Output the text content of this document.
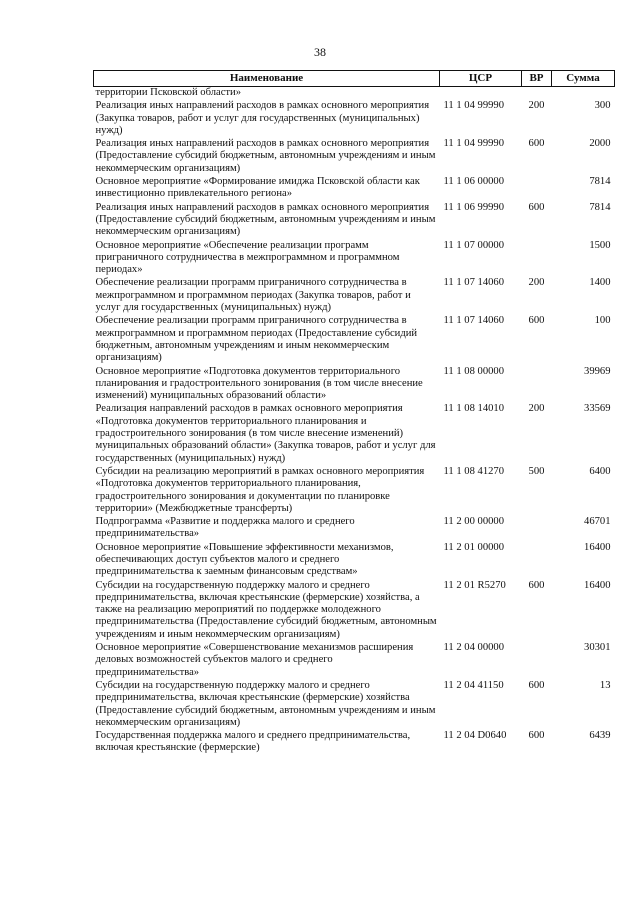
38
Наименование	ЦСР	ВР	Сумма
территории Псковской области»			
Реализация иных направлений расходов в рамках основного мероприятия (Закупка товаров, работ и услуг для государственных (муниципальных) нужд)	11 1 04 99990	200	300
Реализация иных направлений расходов в рамках основного мероприятия (Предоставление субсидий бюджетным, автономным учреждениям и иным некоммерческим организациям)	11 1 04 99990	600	2000
Основное мероприятие «Формирование имиджа Псковской области как инвестиционно привлекательного региона»	11 1 06 00000		7814
Реализация иных направлений расходов в рамках основного мероприятия (Предоставление субсидий бюджетным, автономным учреждениям и иным некоммерческим организациям)	11 1 06 99990	600	7814
Основное мероприятие «Обеспечение реализации программ приграничного сотрудничества в межпрограммном и программном периодах»	11 1 07 00000		1500
Обеспечение реализации программ приграничного сотрудничества в межпрограммном и программном периодах (Закупка товаров, работ и услуг для государственных (муниципальных) нужд)	11 1 07 14060	200	1400
Обеспечение реализации программ приграничного сотрудничества в межпрограммном и программном периодах (Предоставление субсидий бюджетным, автономным учреждениям и иным некоммерческим организациям)	11 1 07 14060	600	100
Основное мероприятие «Подготовка документов территориального планирования и градостроительного зонирования (в том числе внесение изменений) муниципальных образований области»	11 1 08 00000		39969
Реализация направлений расходов в рамках основного мероприятия «Подготовка документов территориального планирования и градостроительного зонирования (в том числе внесение изменений) муниципальных образований области» (Закупка товаров, работ и услуг для государственных (муниципальных) нужд)	11 1 08 14010	200	33569
Субсидии на реализацию мероприятий в рамках основного мероприятия «Подготовка документов территориального планирования, градостроительного зонирования и документации по планировке территории» (Межбюджетные трансферты)	11 1 08 41270	500	6400
Подпрограмма «Развитие и поддержка малого и среднего предпринимательства»	11 2 00 00000		46701
Основное мероприятие «Повышение эффективности механизмов, обеспечивающих доступ субъектов малого и среднего предпринимательства к заемным финансовым средствам»	11 2 01 00000		16400
Субсидии на государственную поддержку малого и среднего предпринимательства, включая крестьянские (фермерские) хозяйства, а также на реализацию мероприятий по поддержке молодежного предпринимательства (Предоставление субсидий бюджетным, автономным учреждениям и иным некоммерческим организациям)	11 2 01 R5270	600	16400
Основное мероприятие «Совершенствование механизмов расширения деловых возможностей субъектов малого и среднего предпринимательства»	11 2 04 00000		30301
Субсидии на государственную поддержку малого и среднего предпринимательства, включая крестьянские (фермерские) хозяйства (Предоставление субсидий бюджетным, автономным учреждениям и иным некоммерческим организациям)	11 2 04 41150	600	13
Государственная поддержка малого и среднего предпринимательства, включая крестьянские (фермерские)	11 2 04 D0640	600	6439
